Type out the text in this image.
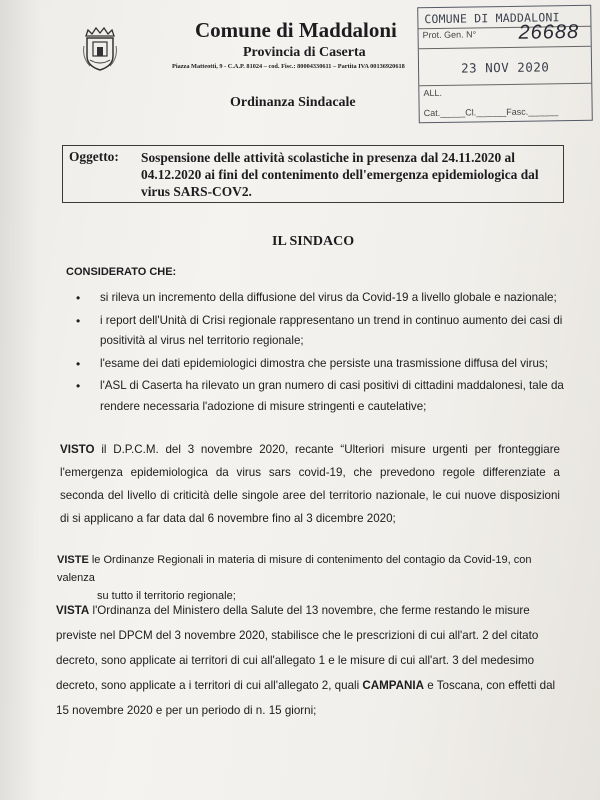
Comune di Maddaloni
Provincia di Caserta
Piazza Matteotti, 9 - C.A.P. 81024 – cod. Fisc.: 80004330611 – Partita IVA 00136920618
COMUNE DI MADDALONI
Prot. Gen. N° 26688
23 NOV 2020
ALL.
Cat._____Cl.______Fasc.______
Ordinanza Sindacale
Oggetto: Sospensione delle attività scolastiche in presenza dal 24.11.2020 al 04.12.2020 ai fini del contenimento dell'emergenza epidemiologica dal virus SARS-COV2.
IL SINDACO
CONSIDERATO CHE:
• si rileva un incremento della diffusione del virus da Covid-19 a livello globale e nazionale;
• i report dell'Unità di Crisi regionale rappresentano un trend in continuo aumento dei casi di positività al virus nel territorio regionale;
• l'esame dei dati epidemiologici dimostra che persiste una trasmissione diffusa del virus;
• l'ASL di Caserta ha rilevato un gran numero di casi positivi di cittadini maddalonesi, tale da rendere necessaria l'adozione di misure stringenti e cautelative;
VISTO il D.P.C.M. del 3 novembre 2020, recante “Ulteriori misure urgenti per fronteggiare l'emergenza epidemiologica da virus sars covid-19, che prevedono regole differenziate a seconda del livello di criticità delle singole aree del territorio nazionale, le cui nuove disposizioni di si applicano a far data dal 6 novembre fino al 3 dicembre 2020;
VISTE le Ordinanze Regionali in materia di misure di contenimento del contagio da Covid-19, con valenza
su tutto il territorio regionale;
VISTA l'Ordinanza del Ministero della Salute del 13 novembre, che ferme restando le misure previste nel DPCM del 3 novembre 2020, stabilisce che le prescrizioni di cui all'art. 2 del citato decreto, sono applicate ai territori di cui all'allegato 1 e le misure di cui all'art. 3 del medesimo decreto, sono applicate a i territori di cui all'allegato 2, quali CAMPANIA e Toscana, con effetti dal 15 novembre 2020 e per un periodo di n. 15 giorni;
